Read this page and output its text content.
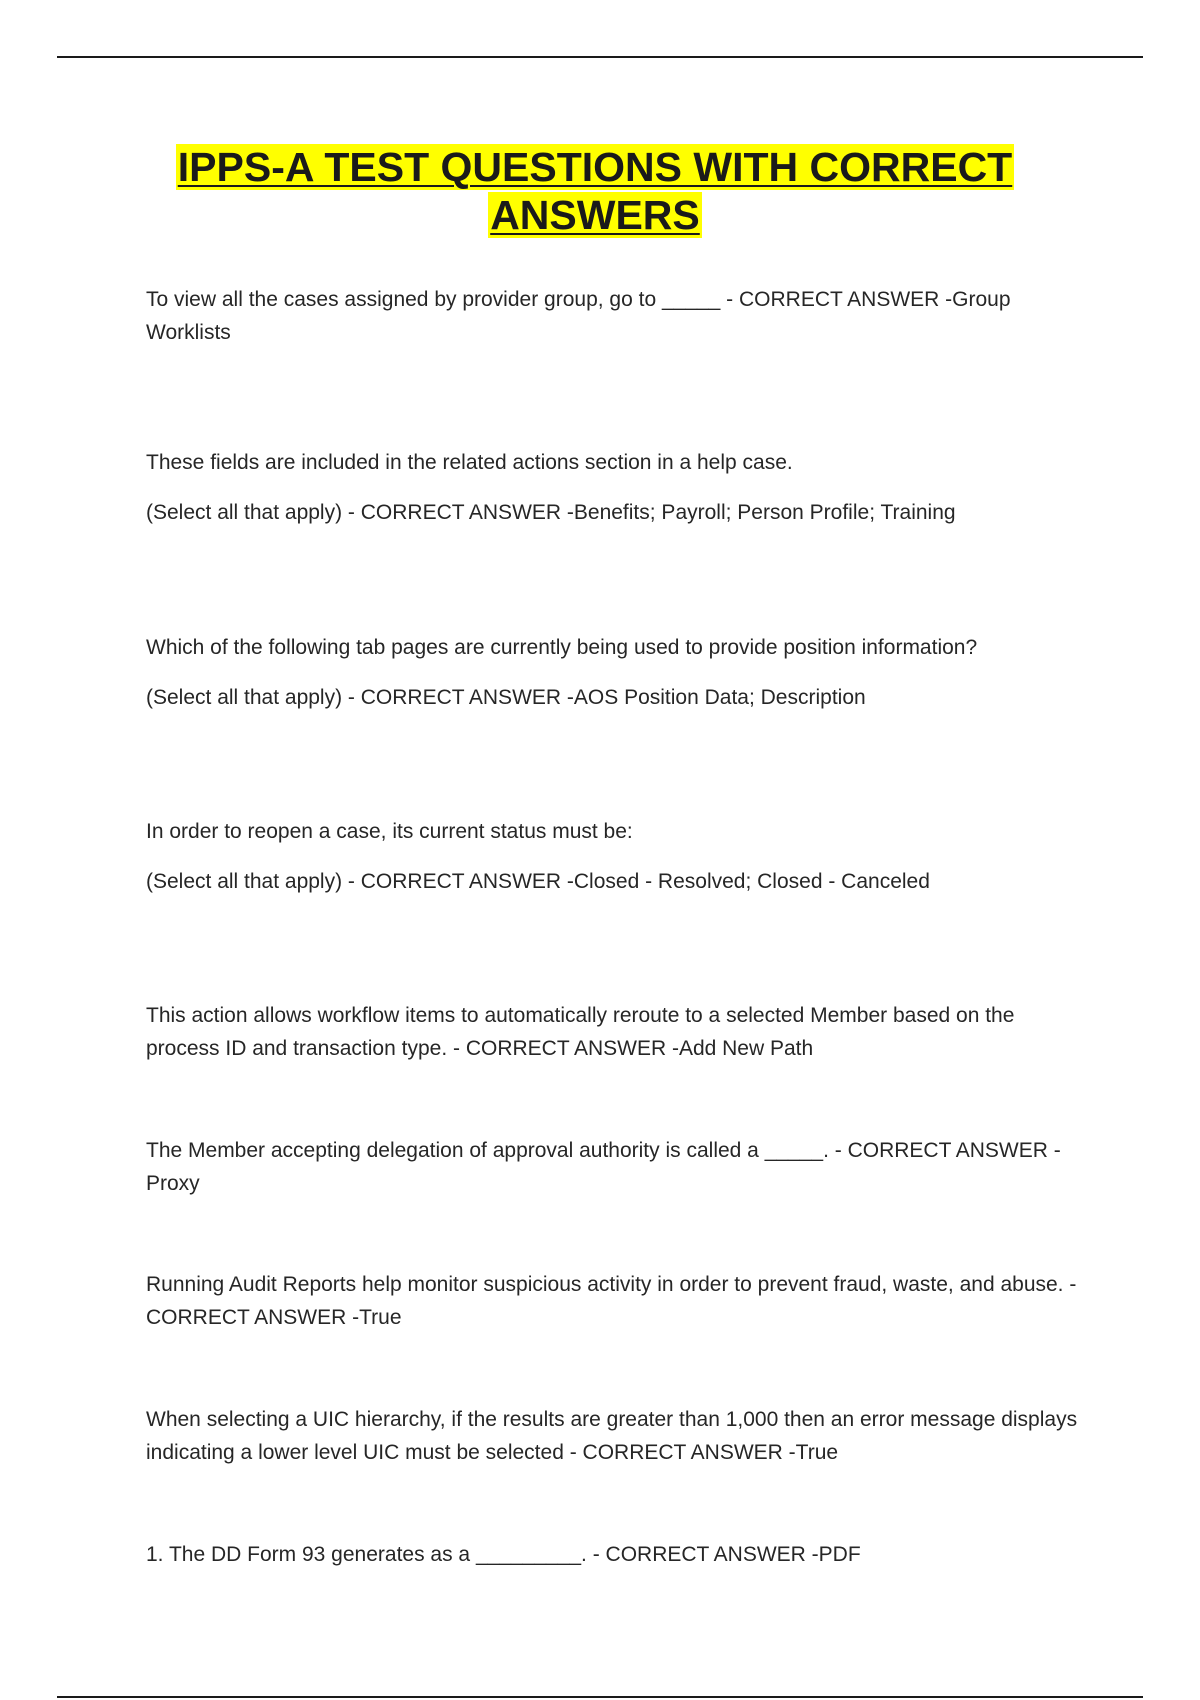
IPPS-A TEST QUESTIONS WITH CORRECT ANSWERS

To view all the cases assigned by provider group, go to _____ - CORRECT ANSWER -Group Worklists

These fields are included in the related actions section in a help case.

(Select all that apply) - CORRECT ANSWER -Benefits; Payroll; Person Profile; Training

Which of the following tab pages are currently being used to provide position information?

(Select all that apply) - CORRECT ANSWER -AOS Position Data; Description

In order to reopen a case, its current status must be:

(Select all that apply) - CORRECT ANSWER -Closed - Resolved; Closed - Canceled

This action allows workflow items to automatically reroute to a selected Member based on the process ID and transaction type. - CORRECT ANSWER -Add New Path

The Member accepting delegation of approval authority is called a _____. - CORRECT ANSWER -Proxy

Running Audit Reports help monitor suspicious activity in order to prevent fraud, waste, and abuse. - CORRECT ANSWER -True

When selecting a UIC hierarchy, if the results are greater than 1,000 then an error message displays indicating a lower level UIC must be selected - CORRECT ANSWER -True

1. The DD Form 93 generates as a _________. - CORRECT ANSWER -PDF
